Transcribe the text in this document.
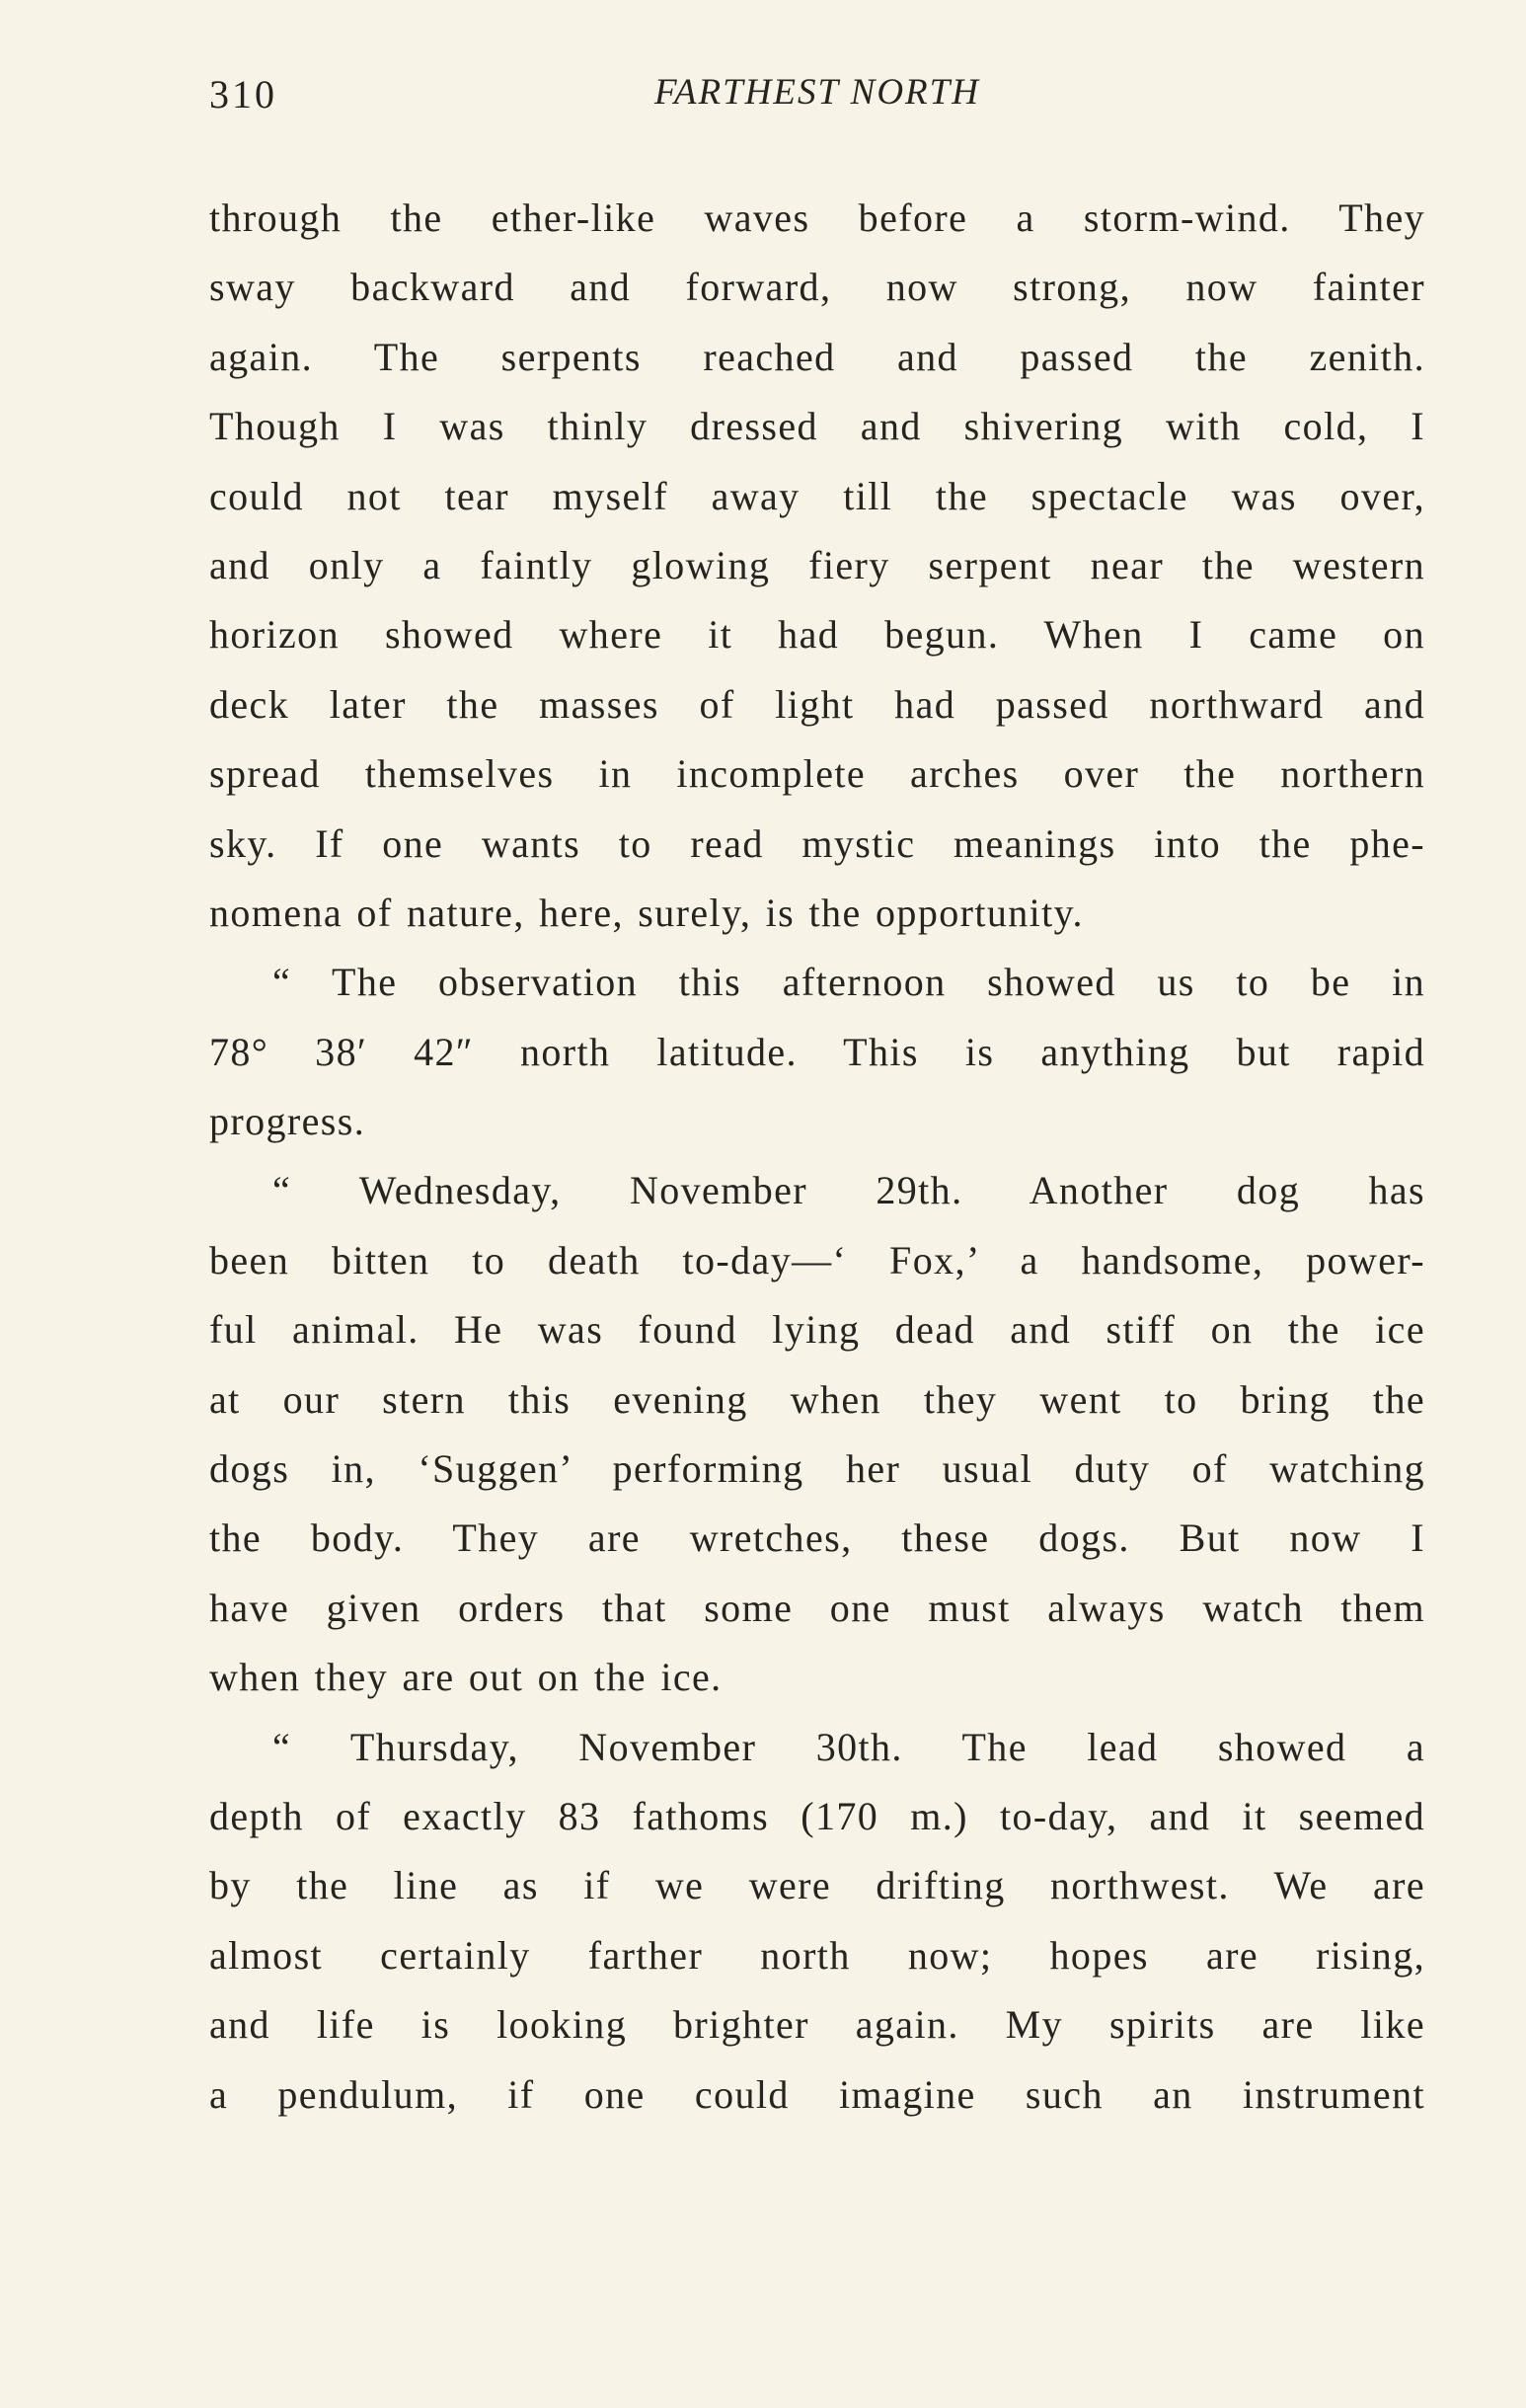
310	FARTHEST NORTH
through the ether-like waves before a storm-wind. They
sway backward and forward, now strong, now fainter
again. The serpents reached and passed the zenith.
Though I was thinly dressed and shivering with cold, I
could not tear myself away till the spectacle was over,
and only a faintly glowing fiery serpent near the western
horizon showed where it had begun. When I came on
deck later the masses of light had passed northward and
spread themselves in incomplete arches over the northern
sky. If one wants to read mystic meanings into the phe-
nomena of nature, here, surely, is the opportunity.
“ The observation this afternoon showed us to be in
78° 38′ 42″ north latitude. This is anything but rapid
progress.
“ Wednesday, November 29th. Another dog has
been bitten to death to-day—‘ Fox,’ a handsome, power-
ful animal. He was found lying dead and stiff on the ice
at our stern this evening when they went to bring the
dogs in, ‘Suggen’ performing her usual duty of watching
the body. They are wretches, these dogs. But now I
have given orders that some one must always watch them
when they are out on the ice.
“ Thursday, November 30th. The lead showed a
depth of exactly 83 fathoms (170 m.) to-day, and it seemed
by the line as if we were drifting northwest. We are
almost certainly farther north now; hopes are rising,
and life is looking brighter again. My spirits are like
a pendulum, if one could imagine such an instrument
